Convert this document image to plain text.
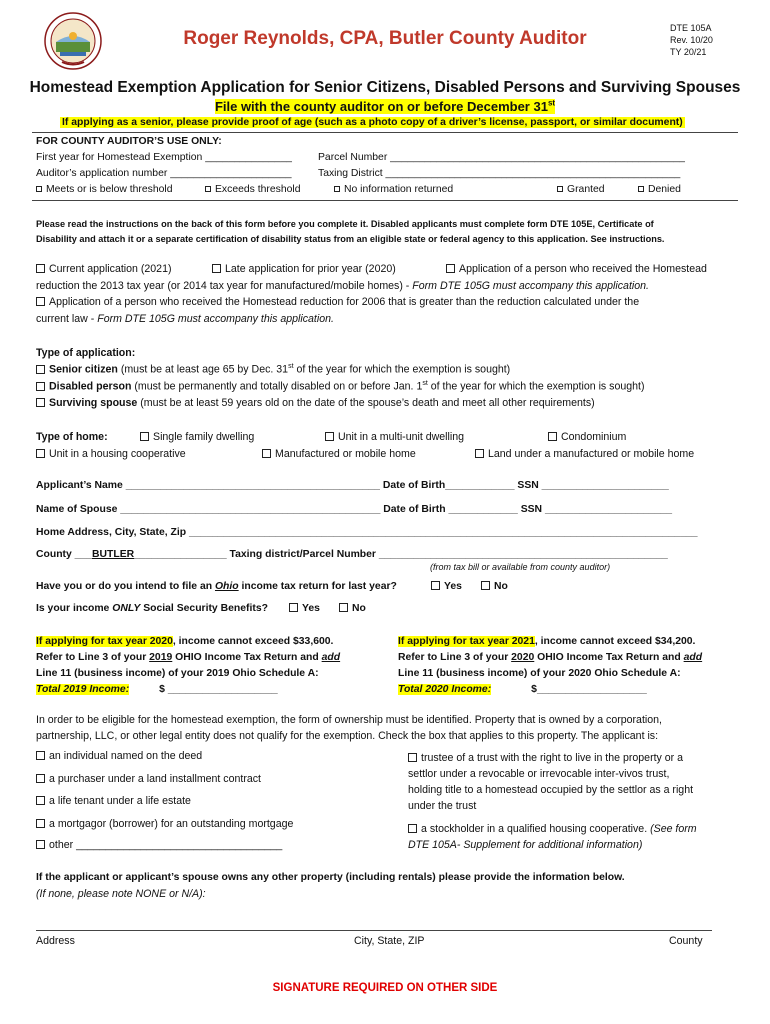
Roger Reynolds, CPA, Butler County Auditor	DTE 105A
Rev. 10/20
TY 20/21
Homestead Exemption Application for Senior Citizens, Disabled Persons and Surviving Spouses
File with the county auditor on or before December 31st
If applying as a senior, please provide proof of age (such as a photo copy of a driver’s license, passport, or similar document)
FOR COUNTY AUDITOR’S USE ONLY:
First year for Homestead Exemption _______________	Parcel Number ___________________________________________________
Auditor’s application number _____________________	Taxing District ___________________________________________________
Meets or is below threshold	Exceeds threshold	No information returned	Granted	Denied
Please read the instructions on the back of this form before you complete it. Disabled applicants must complete form DTE 105E, Certificate of
Disability and attach it or a separate certification of disability status from an eligible state or federal agency to this application. See instructions.
Current application (2021)	Late application for prior year (2020)	Application of a person who received the Homestead
reduction the 2013 tax year (or 2014 tax year for manufactured/mobile homes) - Form DTE 105G must accompany this application.
Application of a person who received the Homestead reduction for 2006 that is greater than the reduction calculated under the
current law - Form DTE 105G must accompany this application.
Type of application:
Senior citizen (must be at least age 65 by Dec. 31st of the year for which the exemption is sought)
Disabled person (must be permanently and totally disabled on or before Jan. 1st of the year for which the exemption is sought)
Surviving spouse (must be at least 59 years old on the date of the spouse’s death and meet all other requirements)
Type of home:	Single family dwelling	Unit in a multi-unit dwelling	Condominium
Unit in a housing cooperative	Manufactured or mobile home	Land under a manufactured or mobile home
Applicant’s Name ____________________________________________ Date of Birth____________ SSN ______________________
Name of Spouse _____________________________________________ Date of Birth ____________ SSN ______________________
Home Address, City, State, Zip ________________________________________________________________________________________
County ___BUTLER________________ Taxing district/Parcel Number __________________________________________________
(from tax bill or available from county auditor)
Have you or do you intend to file an Ohio income tax return for last year?	Yes	No
Is your income ONLY Social Security Benefits?	Yes	No
If applying for tax year 2020, income cannot exceed $33,600.
Refer to Line 3 of your 2019 OHIO Income Tax Return and add
Line 11 (business income) of your 2019 Ohio Schedule A:
Total 2019 Income:	$ ___________________
If applying for tax year 2021, income cannot exceed $34,200.
Refer to Line 3 of your 2020 OHIO Income Tax Return and add
Line 11 (business income) of your 2020 Ohio Schedule A:
Total 2020 Income:	$___________________
In order to be eligible for the homestead exemption, the form of ownership must be identified. Property that is owned by a corporation,
partnership, LLC, or other legal entity does not qualify for the exemption. Check the box that applies to this property. The applicant is:
an individual named on the deed
a purchaser under a land installment contract
a life tenant under a life estate
a mortgagor (borrower) for an outstanding mortgage
other ___________________________________
trustee of a trust with the right to live in the property or a
settlor under a revocable or irrevocable inter-vivos trust,
holding title to a homestead occupied by the settlor as a right
under the trust
a stockholder in a qualified housing cooperative. (See form
DTE 105A- Supplement for additional information)
If the applicant or applicant’s spouse owns any other property (including rentals) please provide the information below.
(If none, please note NONE or N/A):
Address	City, State, ZIP	County
SIGNATURE REQUIRED ON OTHER SIDE
